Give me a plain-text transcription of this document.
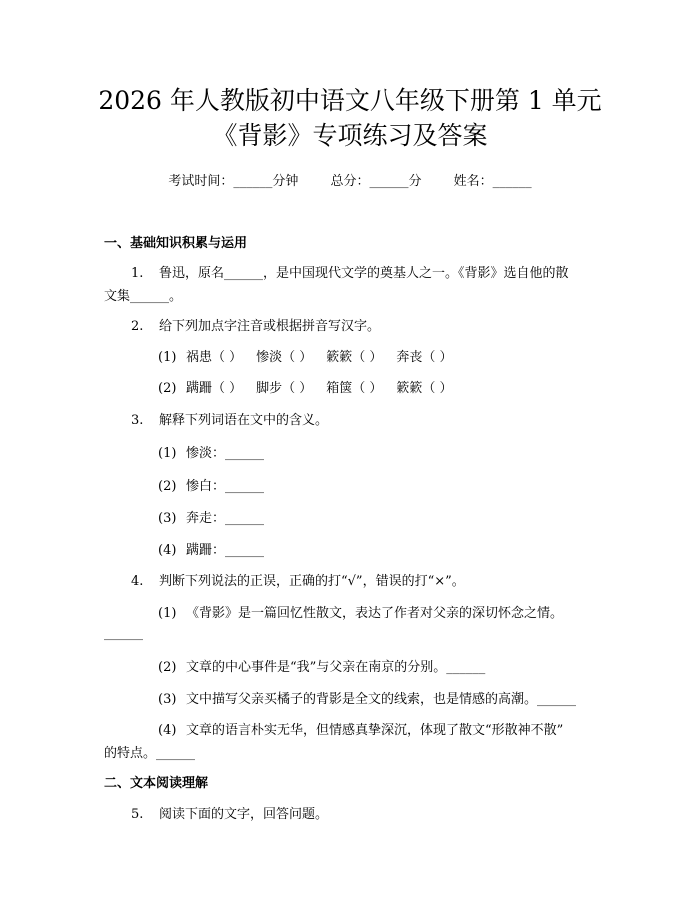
2026 年人教版初中语文八年级下册第 1 单元
《背影》专项练习及答案
考试时间：______分钟 总分：______分 姓名：______
一、基础知识积累与运用
1. 鲁迅，原名______，是中国现代文学的奠基人之一。《背影》选自他的散
文集______。
2. 给下列加点字注音或根据拼音写汉字。
(1) 祸患（ ） 惨淡（ ） 簌簌（ ） 奔丧（ ）
(2) 蹒跚（ ） 脚步（ ） 箱箧（ ） 簌簌（ ）
3. 解释下列词语在文中的含义。
(1) 惨淡：______
(2) 惨白：______
(3) 奔走：______
(4) 蹒跚：______
4. 判断下列说法的正误，正确的打“√”，错误的打“×”。
(1) 《背影》是一篇回忆性散文，表达了作者对父亲的深切怀念之情。
______
(2) 文章的中心事件是“我”与父亲在南京的分别。______
(3) 文中描写父亲买橘子的背影是全文的线索，也是情感的高潮。______
(4) 文章的语言朴实无华，但情感真挚深沉，体现了散文“形散神不散”
的特点。______
二、文本阅读理解
5. 阅读下面的文字，回答问题。
